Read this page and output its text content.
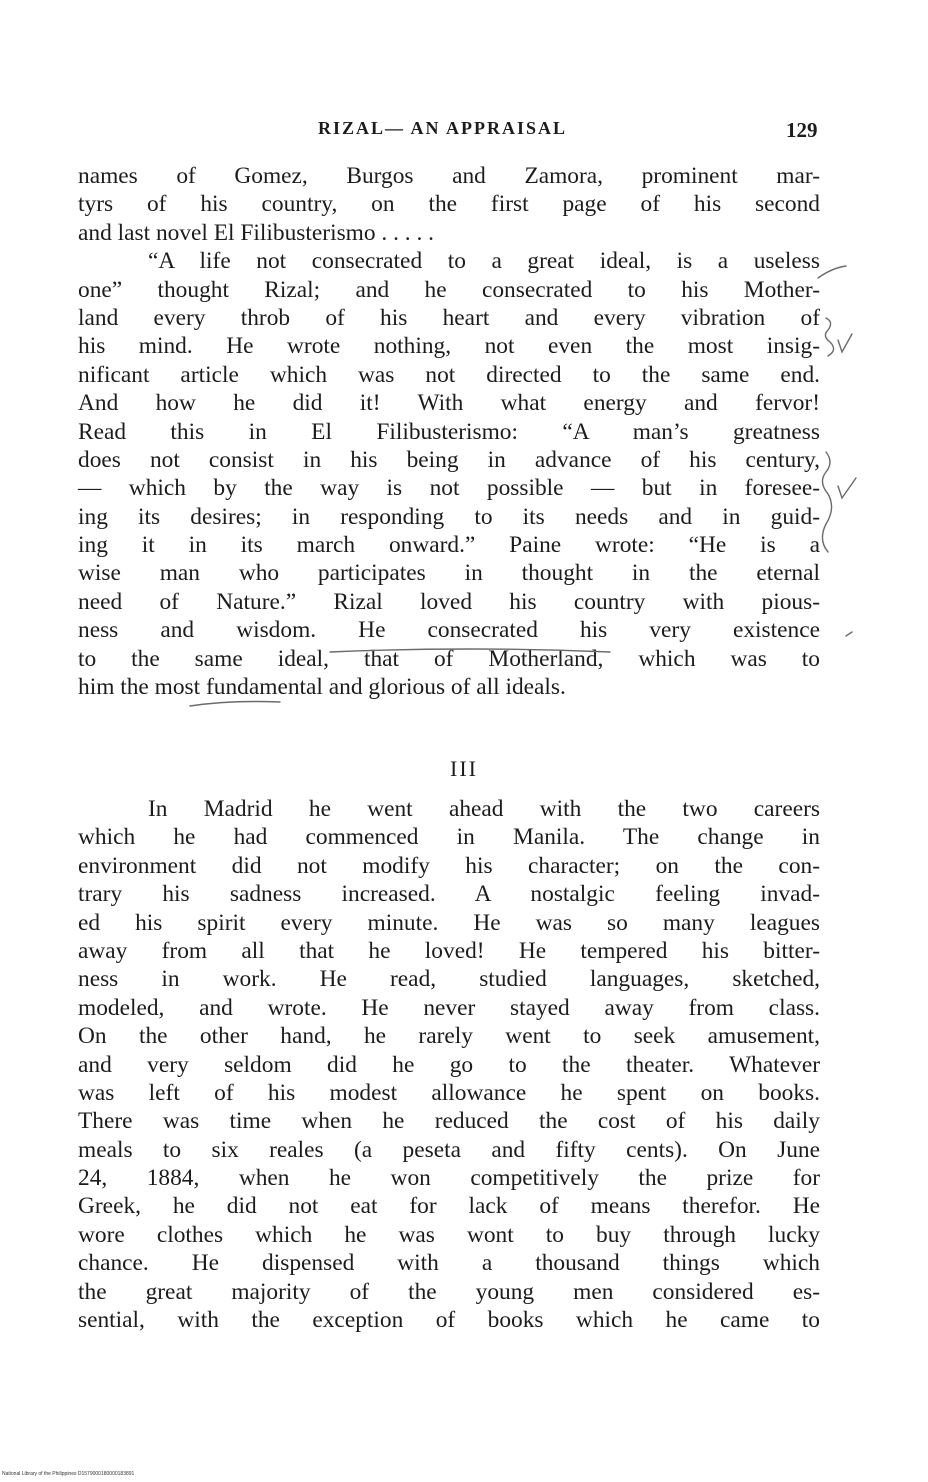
RIZAL— AN APPRAISAL	129
names of Gomez, Burgos and Zamora, prominent mar-
tyrs of his country, on the first page of his second
and last novel El Filibusterismo . . . . .
“A life not consecrated to a great ideal, is a useless
one” thought Rizal; and he consecrated to his Mother-
land every throb of his heart and every vibration of
his mind. He wrote nothing, not even the most insig-
nificant article which was not directed to the same end.
And how he did it! With what energy and fervor!
Read this in El Filibusterismo: “A man’s greatness
does not consist in his being in advance of his century,
— which by the way is not possible — but in foresee-
ing its desires; in responding to its needs and in guid-
ing it in its march onward.” Paine wrote: “He is a
wise man who participates in thought in the eternal
need of Nature.” Rizal loved his country with pious-
ness and wisdom. He consecrated his very existence
to the same ideal, that of Motherland, which was to
him the most fundamental and glorious of all ideals.
III
In Madrid he went ahead with the two careers
which he had commenced in Manila. The change in
environment did not modify his character; on the con-
trary his sadness increased. A nostalgic feeling invad-
ed his spirit every minute. He was so many leagues
away from all that he loved! He tempered his bitter-
ness in work. He read, studied languages, sketched,
modeled, and wrote. He never stayed away from class.
On the other hand, he rarely went to seek amusement,
and very seldom did he go to the theater. Whatever
was left of his modest allowance he spent on books.
There was time when he reduced the cost of his daily
meals to six reales (a peseta and fifty cents). On June
24, 1884, when he won competitively the prize for
Greek, he did not eat for lack of means therefor. He
wore clothes which he was wont to buy through lucky
chance. He dispensed with a thousand things which
the great majority of the young men considered es-
sential, with the exception of books which he came to
National Library of the Philippines D1579000180000183891
